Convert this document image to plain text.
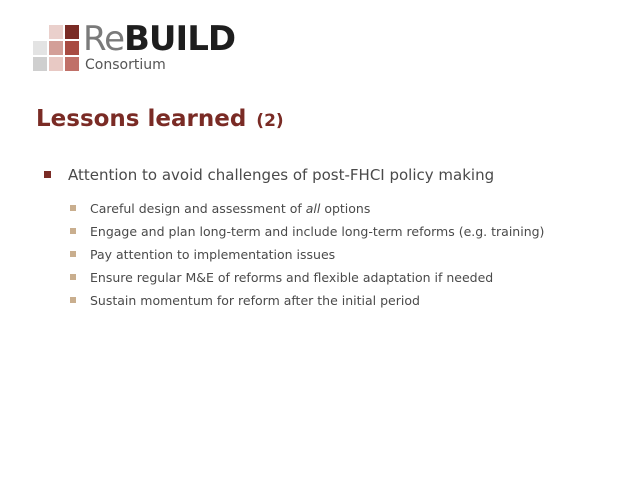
ReBUILD
Consortium
Lessons learned (2)
Attention to avoid challenges of post-FHCI policy making
Careful design and assessment of all options
Engage and plan long-term and include long-term reforms (e.g. training)
Pay attention to implementation issues
Ensure regular M&E of reforms and flexible adaptation if needed
Sustain momentum for reform after the initial period
